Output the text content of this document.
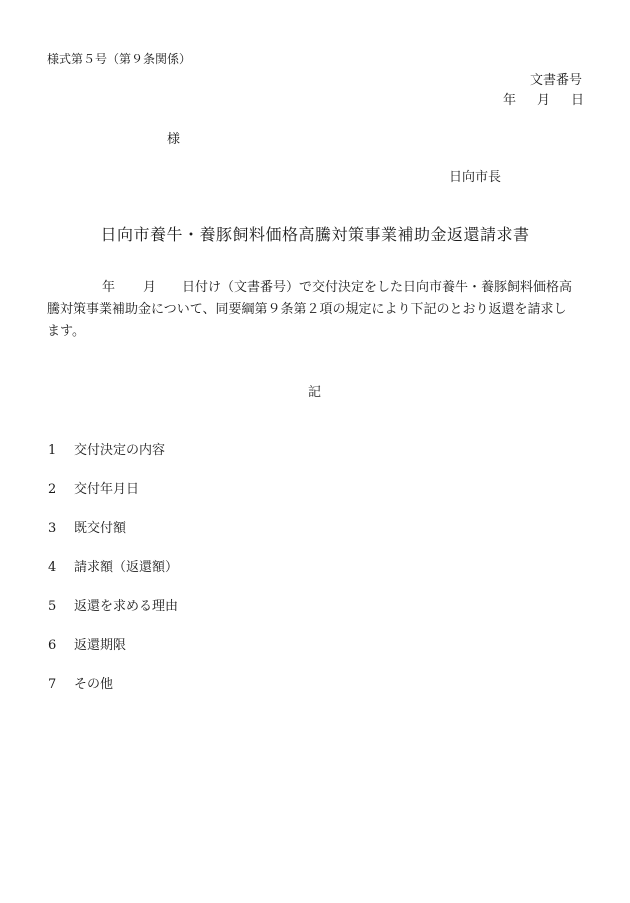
様式第５号（第９条関係）
文書番号
年 月 日
様
日向市長
日向市養牛・養豚飼料価格高騰対策事業補助金返還請求書
年 月 日付け（文書番号）で交付決定をした日向市養牛・養豚飼料価格高
騰対策事業補助金について、同要綱第９条第２項の規定により下記のとおり返還を請求し
ます。
記
1 交付決定の内容
2 交付年月日
3 既交付額
4 請求額（返還額）
5 返還を求める理由
6 返還期限
7 その他
